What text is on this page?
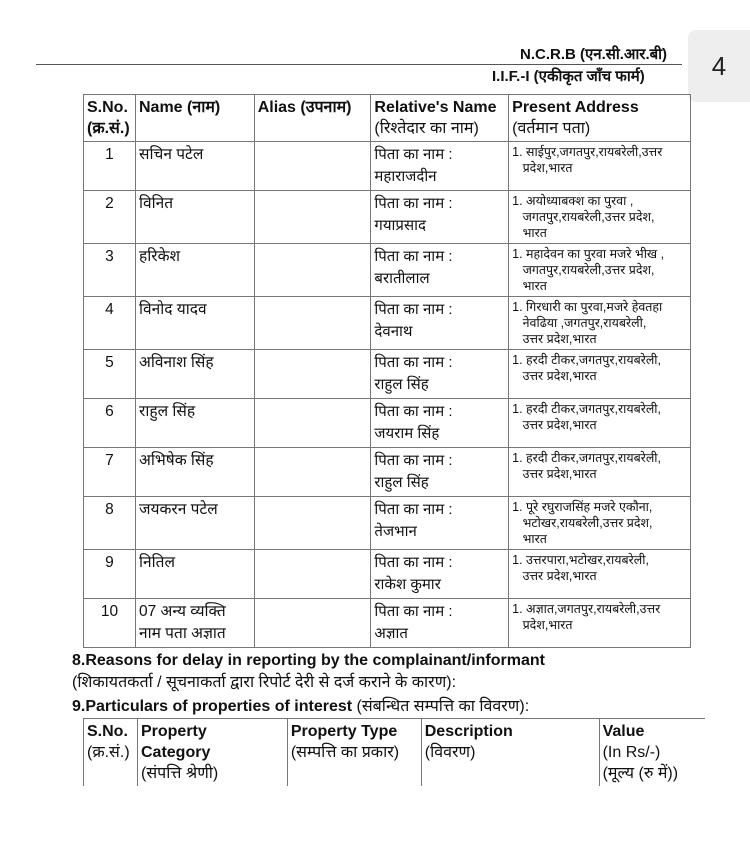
4
N.C.R.B (एन.सी.आर.बी)
I.I.F.-I (एकीकृत जाँच फार्म)
S.No.
(क्र.सं.)	Name (नाम)	Alias (उपनाम)	Relative's Name
(रिश्तेदार का नाम)	Present Address
(वर्तमान पता)
1	सचिन पटेल		पिता का नाम :
महाराजदीन	1. साईपुर,जगतपुर,रायबरेली,उत्तर
प्रदेश,भारत
2	विनित		पिता का नाम :
गयाप्रसाद	1. अयोध्याबक्श का पुरवा ,
जगतपुर,रायबरेली,उत्तर प्रदेश,
भारत
3	हरिकेश		पिता का नाम :
बरातीलाल	1. महादेवन का पुरवा मजरे भीख ,
जगतपुर,रायबरेली,उत्तर प्रदेश,
भारत
4	विनोद यादव		पिता का नाम :
देवनाथ	1. गिरधारी का पुरवा,मजरे हेवतहा
नेवढिया ,जगतपुर,रायबरेली,
उत्तर प्रदेश,भारत
5	अविनाश सिंह		पिता का नाम :
राहुल सिंह	1. हरदी टीकर,जगतपुर,रायबरेली,
उत्तर प्रदेश,भारत
6	राहुल सिंह		पिता का नाम :
जयराम सिंह	1. हरदी टीकर,जगतपुर,रायबरेली,
उत्तर प्रदेश,भारत
7	अभिषेक सिंह		पिता का नाम :
राहुल सिंह	1. हरदी टीकर,जगतपुर,रायबरेली,
उत्तर प्रदेश,भारत
8	जयकरन पटेल		पिता का नाम :
तेजभान	1. पूरे रघुराजसिंह मजरे एकौना,
भटोखर,रायबरेली,उत्तर प्रदेश,
भारत
9	नितिल		पिता का नाम :
राकेश कुमार	1. उत्तरपारा,भटोखर,रायबरेली,
उत्तर प्रदेश,भारत
10	07 अन्य व्यक्ति
नाम पता अज्ञात		पिता का नाम :
अज्ञात	1. अज्ञात,जगतपुर,रायबरेली,उत्तर
प्रदेश,भारत
8.Reasons for delay in reporting by the complainant/informant
(शिकायतकर्ता / सूचनाकर्ता द्वारा रिपोर्ट देरी से दर्ज कराने के कारण):
9.Particulars of properties of interest (संबन्धित सम्पत्ति का विवरण):
S.No.
(क्र.सं.)
	Property
Category
(संपत्ति श्रेणी)
	Property Type
(सम्पत्ति का प्रकार)
	Description
(विवरण)
	Value
(In Rs/-)
(मूल्य (रु में))
